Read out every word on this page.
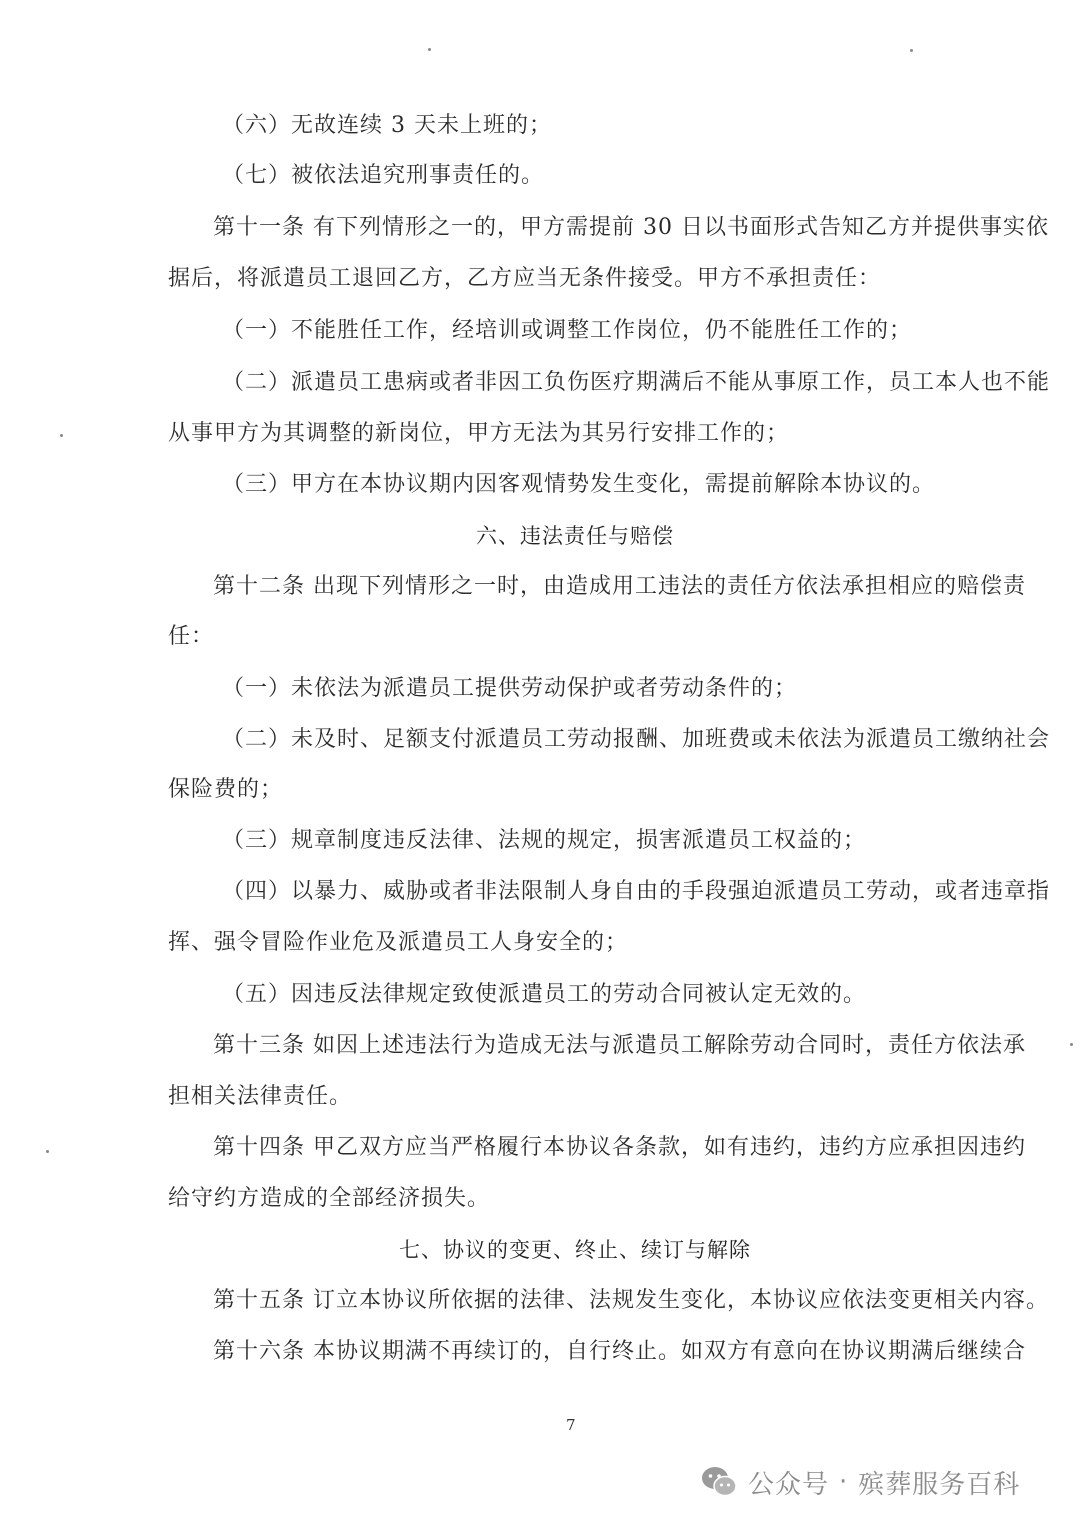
（六）无故连续 3 天未上班的；
（七）被依法追究刑事责任的。
第十一条 有下列情形之一的，甲方需提前 30 日以书面形式告知乙方并提供事实依
据后，将派遣员工退回乙方，乙方应当无条件接受。甲方不承担责任：
（一）不能胜任工作，经培训或调整工作岗位，仍不能胜任工作的；
（二）派遣员工患病或者非因工负伤医疗期满后不能从事原工作，员工本人也不能
从事甲方为其调整的新岗位，甲方无法为其另行安排工作的；
（三）甲方在本协议期内因客观情势发生变化，需提前解除本协议的。
六、违法责任与赔偿
第十二条 出现下列情形之一时，由造成用工违法的责任方依法承担相应的赔偿责
任：
（一）未依法为派遣员工提供劳动保护或者劳动条件的；
（二）未及时、足额支付派遣员工劳动报酬、加班费或未依法为派遣员工缴纳社会
保险费的；
（三）规章制度违反法律、法规的规定，损害派遣员工权益的；
（四）以暴力、威胁或者非法限制人身自由的手段强迫派遣员工劳动，或者违章指
挥、强令冒险作业危及派遣员工人身安全的；
（五）因违反法律规定致使派遣员工的劳动合同被认定无效的。
第十三条 如因上述违法行为造成无法与派遣员工解除劳动合同时，责任方依法承
担相关法律责任。
第十四条 甲乙双方应当严格履行本协议各条款，如有违约，违约方应承担因违约
给守约方造成的全部经济损失。
七、协议的变更、终止、续订与解除
第十五条 订立本协议所依据的法律、法规发生变化，本协议应依法变更相关内容。
第十六条 本协议期满不再续订的，自行终止。如双方有意向在协议期满后继续合
7
公众号 · 殡葬服务百科
